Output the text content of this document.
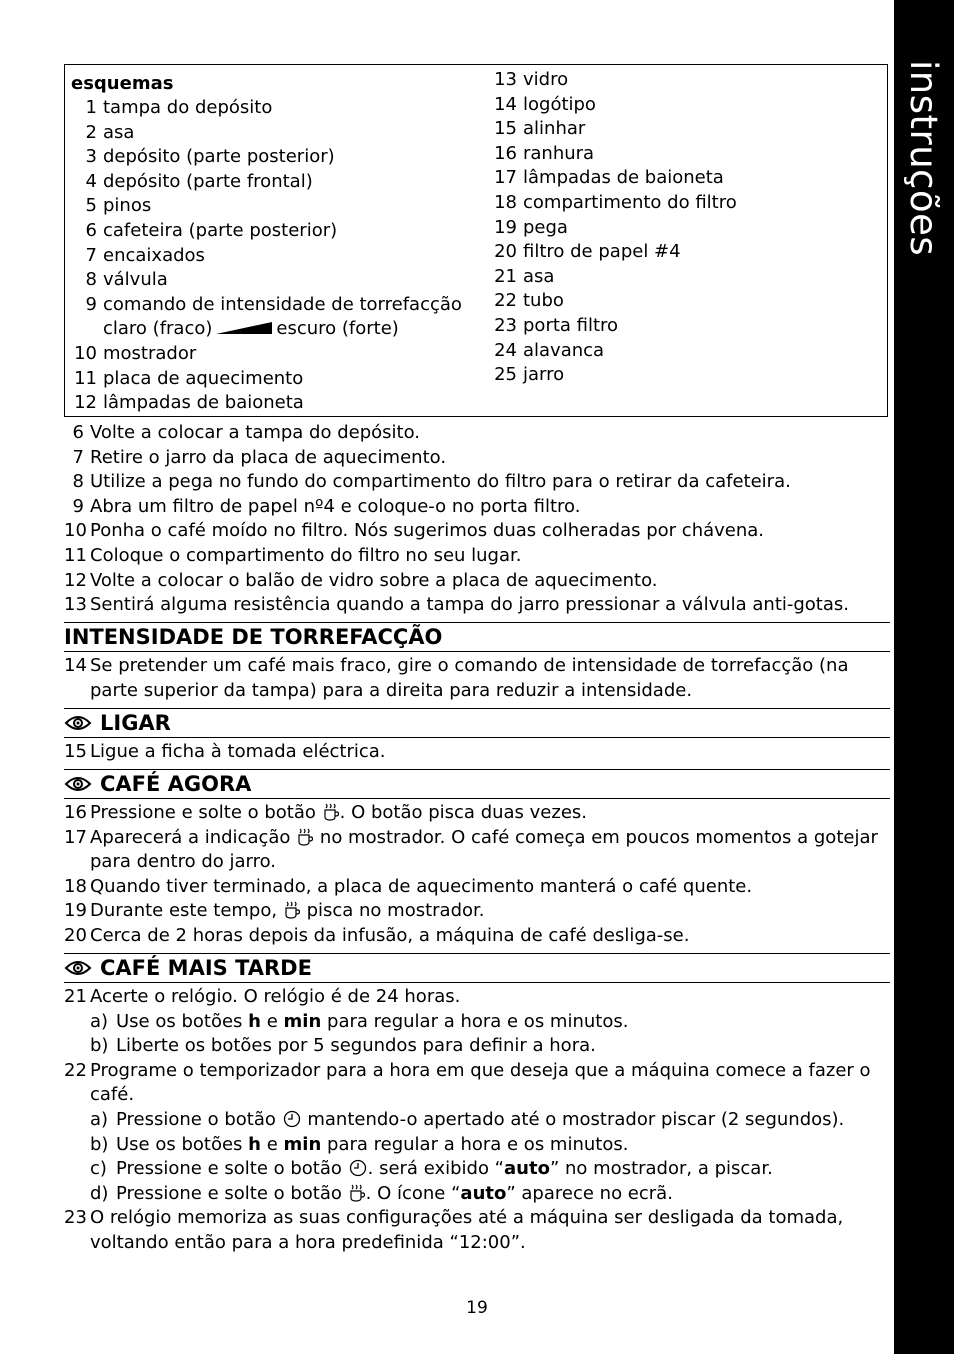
instruções
esquemas
1 tampa do depósito
2 asa
3 depósito (parte posterior)
4 depósito (parte frontal)
5 pinos
6 cafeteira (parte posterior)
7 encaixados
8 válvula
9 comando de intensidade de torrefacção
claro (fraco)	escuro (forte)
10 mostrador
11 placa de aquecimento
12 lâmpadas de baioneta
13 vidro
14 logótipo
15 alinhar
16 ranhura
17 lâmpadas de baioneta
18 compartimento do filtro
19 pega
20 filtro de papel #4
21 asa
22 tubo
23 porta filtro
24 alavanca
25 jarro
6 Volte a colocar a tampa do depósito.
7 Retire o jarro da placa de aquecimento.
8 Utilize a pega no fundo do compartimento do filtro para o retirar da cafeteira.
9 Abra um filtro de papel nº4 e coloque-o no porta filtro.
10 Ponha o café moído no filtro. Nós sugerimos duas colheradas por chávena.
11 Coloque o compartimento do filtro no seu lugar.
12 Volte a colocar o balão de vidro sobre a placa de aquecimento.
13 Sentirá alguma resistência quando a tampa do jarro pressionar a válvula anti-gotas.
INTENSIDADE DE TORREFACÇÃO
14 Se pretender um café mais fraco, gire o comando de intensidade de torrefacção (na parte superior da tampa) para a direita para reduzir a intensidade.
LIGAR
15 Ligue a ficha à tomada eléctrica.
CAFÉ AGORA
16 Pressione e solte o botão . O botão pisca duas vezes.
17 Aparecerá a indicação no mostrador. O café começa em poucos momentos a gotejar para dentro do jarro.
18 Quando tiver terminado, a placa de aquecimento manterá o café quente.
19 Durante este tempo, pisca no mostrador.
20 Cerca de 2 horas depois da infusão, a máquina de café desliga-se.
CAFÉ MAIS TARDE
21 Acerte o relógio. O relógio é de 24 horas.
a) Use os botões h e min para regular a hora e os minutos.
b) Liberte os botões por 5 segundos para definir a hora.
22 Programe o temporizador para a hora em que deseja que a máquina comece a fazer o café.
a) Pressione o botão mantendo-o apertado até o mostrador piscar (2 segundos).
b) Use os botões h e min para regular a hora e os minutos.
c) Pressione e solte o botão . será exibido “auto” no mostrador, a piscar.
d) Pressione e solte o botão . O ícone “auto” aparece no ecrã.
23 O relógio memoriza as suas configurações até a máquina ser desligada da tomada, voltando então para a hora predefinida “12:00”.
19
